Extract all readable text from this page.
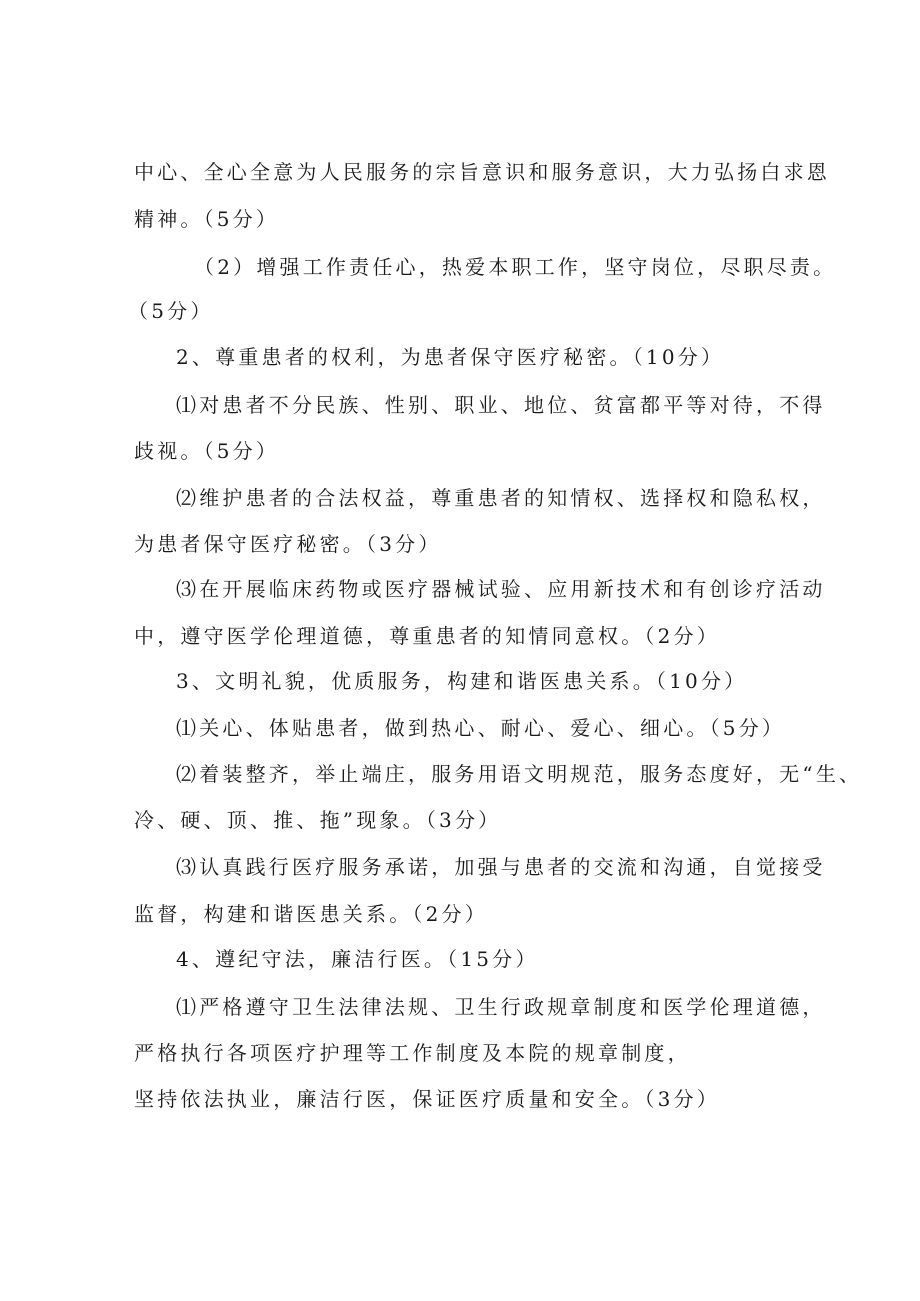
中心、全心全意为人民服务的宗旨意识和服务意识，大力弘扬白求恩
精神。（5分）
（2）增强工作责任心，热爱本职工作，坚守岗位，尽职尽责。
（5分）
2、尊重患者的权利，为患者保守医疗秘密。（10分）
⑴对患者不分民族、性别、职业、地位、贫富都平等对待，不得
歧视。（5分）
⑵维护患者的合法权益，尊重患者的知情权、选择权和隐私权，
为患者保守医疗秘密。（3分）
⑶在开展临床药物或医疗器械试验、应用新技术和有创诊疗活动
中，遵守医学伦理道德，尊重患者的知情同意权。（2分）
3、文明礼貌，优质服务，构建和谐医患关系。（10分）
⑴关心、体贴患者，做到热心、耐心、爱心、细心。（5分）
⑵着装整齐，举止端庄，服务用语文明规范，服务态度好，无“生、
冷、硬、顶、推、拖”现象。（3分）
⑶认真践行医疗服务承诺，加强与患者的交流和沟通，自觉接受
监督，构建和谐医患关系。（2分）
4、遵纪守法，廉洁行医。（15分）
⑴严格遵守卫生法律法规、卫生行政规章制度和医学伦理道德，
严格执行各项医疗护理等工作制度及本院的规章制度，
坚持依法执业，廉洁行医，保证医疗质量和安全。（3分）
